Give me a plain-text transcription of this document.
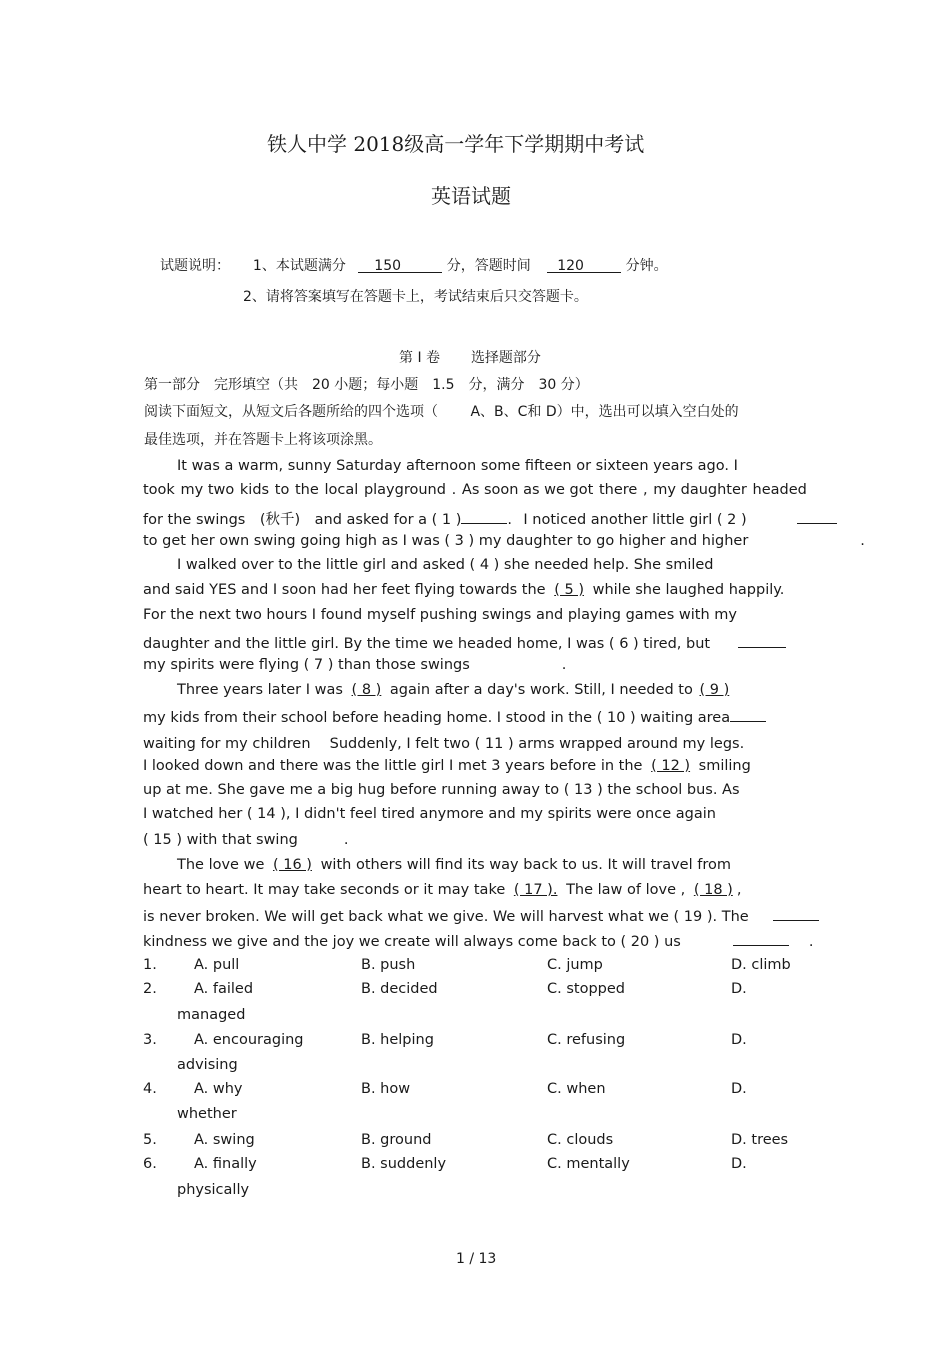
铁人中学 2018级高一学年下学期期中考试
英语试题
试题说明： 1、本试题满分 150	分，答题时间 120	分钟。
2、请将答案填写在答题卡上，考试结束后只交答题卡。
第 I 卷 选择题部分
第一部分　完形填空（共　20 小题；每小题　1.5　分，满分　30 分）
阅读下面短文，从短文后各题所给的四个选项（　　 A、B、C和 D）中，选出可以填入空白处的
最佳选项，并在答题卡上将该项涂黑。
It was a warm, sunny Saturday afternoon some fifteen or sixteen years ago. I
took my two kids to the local playground . As soon as we got there , my daughter headed
for the swings　(秋千)　and asked for a ( 1 )	. I noticed another little girl ( 2 )
to get her own swing going high as I was ( 3 ) my daughter to go higher and higher	.
I walked over to the little girl and asked ( 4 ) she needed help. She smiled
and said YES and I soon had her feet flying towards the ( 5 ) while she laughed happily.
For the next two hours I found myself pushing swings and playing games with my
daughter and the little girl. By the time we headed home, I was ( 6 ) tired, but
my spirits were flying ( 7 ) than those swings	.
Three years later I was ( 8 ) again after a day's work. Still, I needed to ( 9 )
my kids from their school before heading home. I stood in the ( 10 ) waiting area
waiting for my children　 Suddenly, I felt two ( 11 ) arms wrapped around my legs.
I looked down and there was the little girl I met 3 years before in the ( 12 ) smiling
up at me. She gave me a big hug before running away to ( 13 ) the school bus. As
I watched her ( 14 ), I didn't feel tired anymore and my spirits were once again
( 15 ) with that swing	.
The love we ( 16 ) with others will find its way back to us. It will travel from
heart to heart. It may take seconds or it may take ( 17 ). The law of love , ( 18 ) ,
is never broken. We will get back what we give. We will harvest what we ( 19 ). The
kindness we give and the joy we create will always come back to ( 20 ) us	.
1.	A. pull	B. push	C. jump	D. climb
2.	A. failed	B. decided	C. stopped	D.
managed
3.	A. encouraging	B. helping	C. refusing	D.
advising
4.	A. why	B. how	C. when	D.
whether
5.	A. swing	B. ground	C. clouds	D. trees
6.	A. finally	B. suddenly	C. mentally	D.
physically
1 / 13
